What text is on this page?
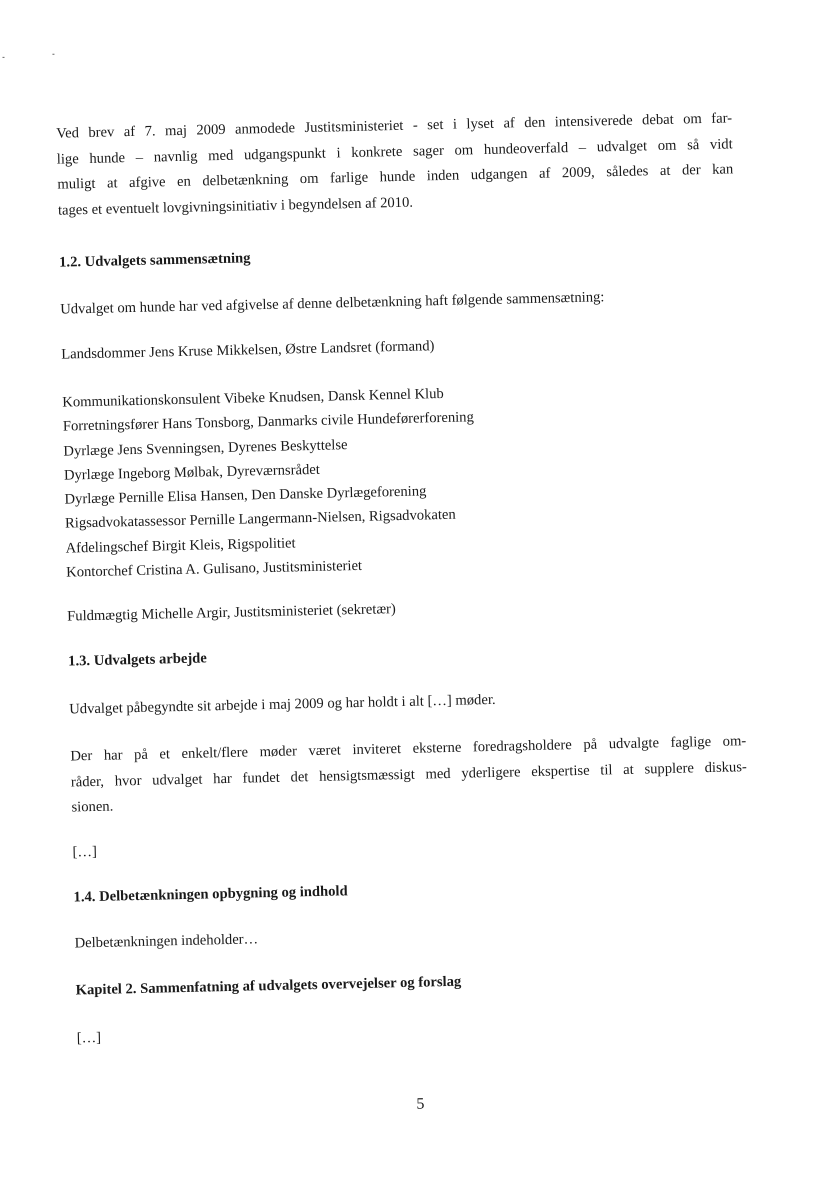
Ved brev af 7. maj 2009 anmodede Justitsministeriet - set i lyset af den intensiverede debat om far-
lige hunde – navnlig med udgangspunkt i konkrete sager om hundeoverfald – udvalget om så vidt
muligt at afgive en delbetænkning om farlige hunde inden udgangen af 2009, således at der kan
tages et eventuelt lovgivningsinitiativ i begyndelsen af 2010.

1.2. Udvalgets sammensætning

Udvalget om hunde har ved afgivelse af denne delbetænkning haft følgende sammensætning:

Landsdommer Jens Kruse Mikkelsen, Østre Landsret (formand)

Kommunikationskonsulent Vibeke Knudsen, Dansk Kennel Klub
Forretningsfører Hans Tonsborg, Danmarks civile Hundeførerforening
Dyrlæge Jens Svenningsen, Dyrenes Beskyttelse
Dyrlæge Ingeborg Mølbak, Dyreværnsrådet
Dyrlæge Pernille Elisa Hansen, Den Danske Dyrlægeforening
Rigsadvokatassessor Pernille Langermann-Nielsen, Rigsadvokaten
Afdelingschef Birgit Kleis, Rigspolitiet
Kontorchef Cristina A. Gulisano, Justitsministeriet

Fuldmægtig Michelle Argir, Justitsministeriet (sekretær)

1.3. Udvalgets arbejde

Udvalget påbegyndte sit arbejde i maj 2009 og har holdt i alt […] møder.

Der har på et enkelt/flere møder været inviteret eksterne foredragsholdere på udvalgte faglige om-
råder, hvor udvalget har fundet det hensigtsmæssigt med yderligere ekspertise til at supplere diskus-
sionen.

[…]

1.4. Delbetænkningen opbygning og indhold

Delbetænkningen indeholder…

Kapitel 2. Sammenfatning af udvalgets overvejelser og forslag

[…]

5
